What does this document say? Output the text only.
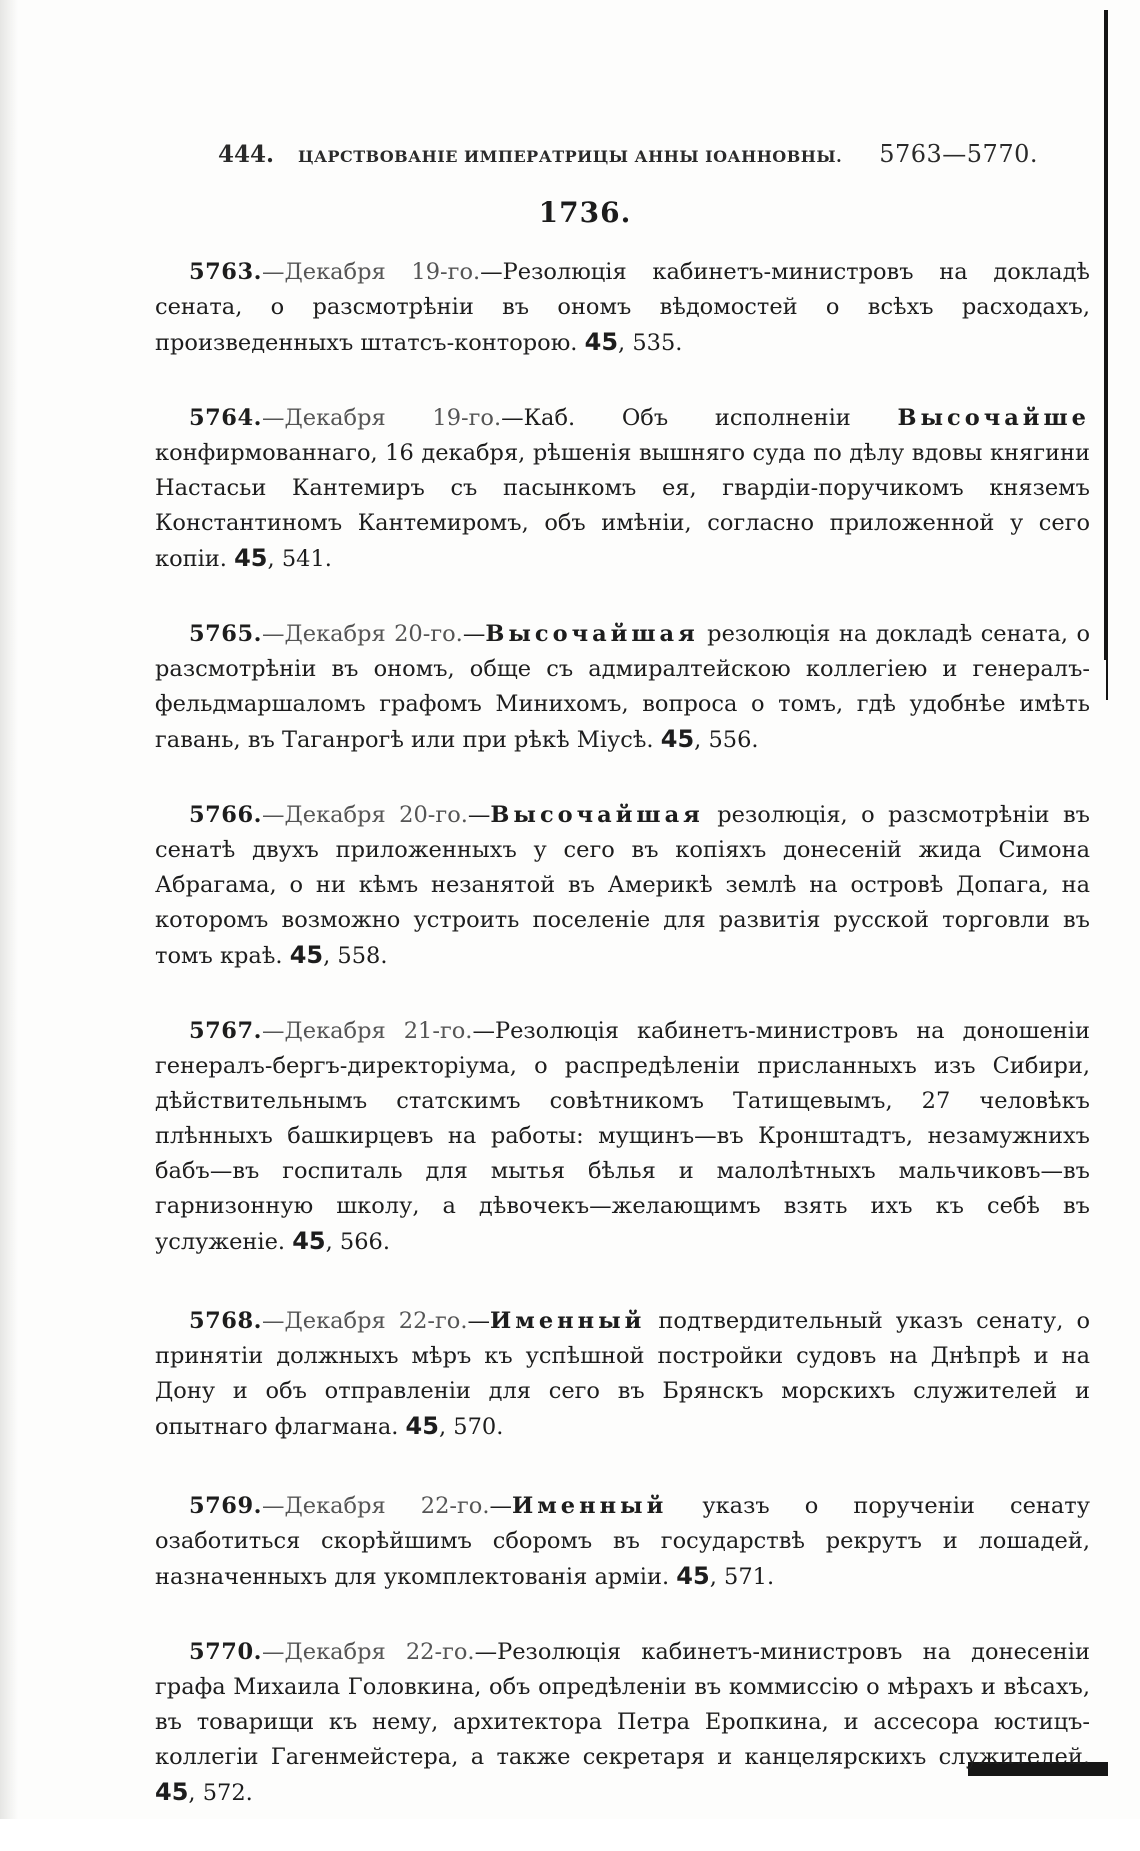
444.	ЦАРСТВОВАНІЕ ИМПЕРАТРИЦЫ АННЫ ІОАННОВНЫ.	5763—5770.
1736.

5763.—Декабря 19-го.—Резолюція кабинетъ-министровъ на докладѣ сената, о разсмотрѣніи въ ономъ вѣдомостей о всѣхъ расходахъ, произведенныхъ штатсъ-конторою. 45, 535.

5764.—Декабря 19-го.—Каб. Объ исполненіи Высочайше конфирмованнаго, 16 декабря, рѣшенія вышняго суда по дѣлу вдовы княгини Настасьи Кантемиръ съ пасынкомъ ея, гвардіи-поручикомъ княземъ Константиномъ Кантемиромъ, объ имѣніи, согласно приложенной у сего копіи. 45, 541.

5765.—Декабря 20-го.—Высочайшая резолюція на докладѣ сената, о разсмотрѣніи въ ономъ, обще съ адмиралтейскою коллегіею и генералъ-фельдмаршаломъ графомъ Минихомъ, вопроса о томъ, гдѣ удобнѣе имѣть гавань, въ Таганрогѣ или при рѣкѣ Міусѣ. 45, 556.

5766.—Декабря 20-го.—Высочайшая резолюція, о разсмотрѣніи въ сенатѣ двухъ приложенныхъ у сего въ копіяхъ донесеній жида Симона Абрагама, о ни кѣмъ незанятой въ Америкѣ землѣ на островѣ Допага, на которомъ возможно устроить поселеніе для развитія русской торговли въ томъ краѣ. 45, 558.

5767.—Декабря 21-го.—Резолюція кабинетъ-министровъ на доношеніи генералъ-бергъ-директоріума, о распредѣленіи присланныхъ изъ Сибири, дѣйствительнымъ статскимъ совѣтникомъ Татищевымъ, 27 человѣкъ плѣнныхъ башкирцевъ на работы: мущинъ—въ Кронштадтъ, незамужнихъ бабъ—въ госпиталь для мытья бѣлья и малолѣтныхъ мальчиковъ—въ гарнизонную школу, а дѣвочекъ—желающимъ взять ихъ къ себѣ въ услуженіе. 45, 566.

5768.—Декабря 22-го.—Именный подтвердительный указъ сенату, о принятіи должныхъ мѣръ къ успѣшной постройки судовъ на Днѣпрѣ и на Дону и объ отправленіи для сего въ Брянскъ морскихъ служителей и опытнаго флагмана. 45, 570.

5769.—Декабря 22-го.—Именный указъ о порученіи сенату озаботиться скорѣйшимъ сборомъ въ государствѣ рекрутъ и лошадей, назначенныхъ для укомплектованія арміи. 45, 571.

5770.—Декабря 22-го.—Резолюція кабинетъ-министровъ на донесеніи графа Михаила Головкина, объ опредѣленіи въ коммиссію о мѣрахъ и вѣсахъ, въ товарищи къ нему, архитектора Петра Еропкина, и ассесора юстицъ-коллегіи Гагенмейстера, а также секретаря и канцелярскихъ служителей. 45, 572.
